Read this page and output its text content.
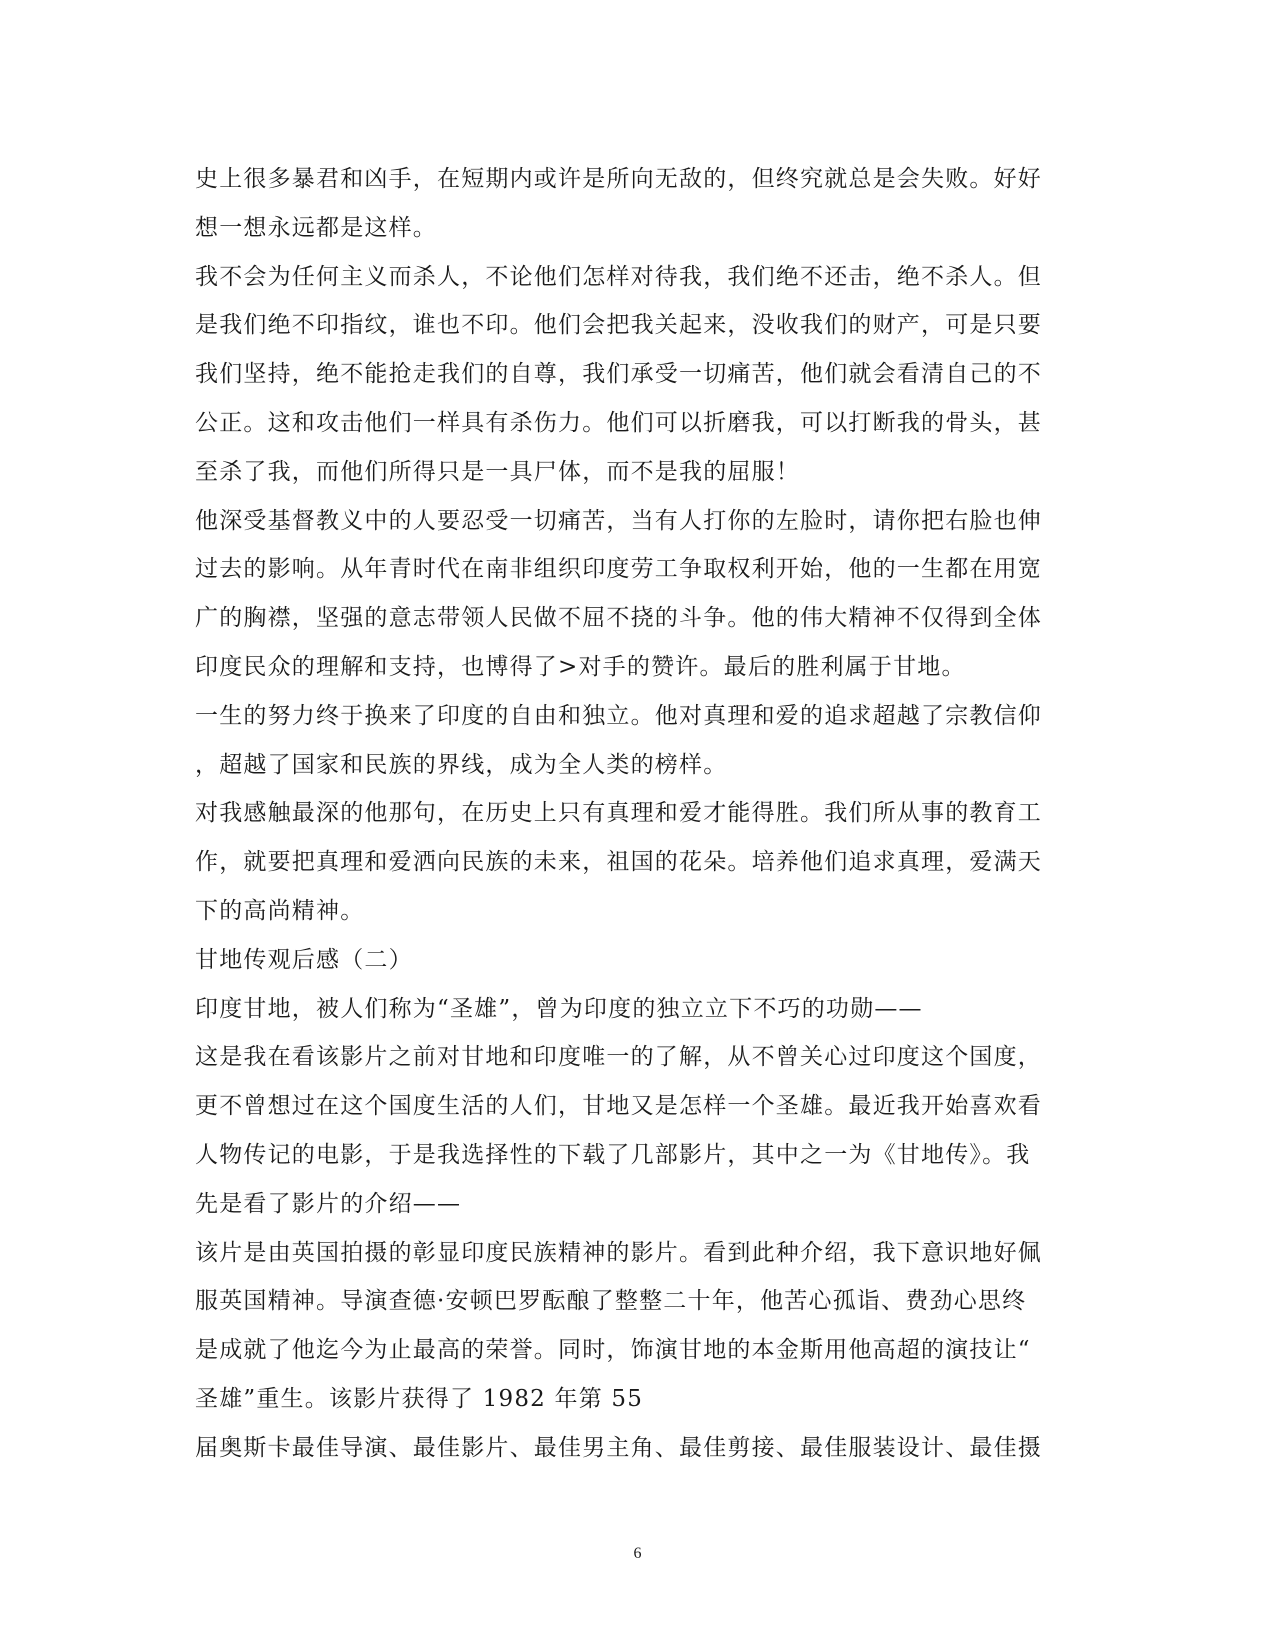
史上很多暴君和凶手，在短期内或许是所向无敌的，但终究就总是会失败。好好
想一想永远都是这样。
我不会为任何主义而杀人，不论他们怎样对待我，我们绝不还击，绝不杀人。但
是我们绝不印指纹，谁也不印。他们会把我关起来，没收我们的财产，可是只要
我们坚持，绝不能抢走我们的自尊，我们承受一切痛苦，他们就会看清自己的不
公正。这和攻击他们一样具有杀伤力。他们可以折磨我，可以打断我的骨头，甚
至杀了我，而他们所得只是一具尸体，而不是我的屈服！
他深受基督教义中的人要忍受一切痛苦，当有人打你的左脸时，请你把右脸也伸
过去的影响。从年青时代在南非组织印度劳工争取权利开始，他的一生都在用宽
广的胸襟，坚强的意志带领人民做不屈不挠的斗争。他的伟大精神不仅得到全体
印度民众的理解和支持，也博得了>对手的赞许。最后的胜利属于甘地。
一生的努力终于换来了印度的自由和独立。他对真理和爱的追求超越了宗教信仰
，超越了国家和民族的界线，成为全人类的榜样。
对我感触最深的他那句，在历史上只有真理和爱才能得胜。我们所从事的教育工
作，就要把真理和爱洒向民族的未来，祖国的花朵。培养他们追求真理，爱满天
下的高尚精神。
甘地传观后感（二）
印度甘地，被人们称为“圣雄”，曾为印度的独立立下不巧的功勋——
这是我在看该影片之前对甘地和印度唯一的了解，从不曾关心过印度这个国度，
更不曾想过在这个国度生活的人们，甘地又是怎样一个圣雄。最近我开始喜欢看
人物传记的电影，于是我选择性的下载了几部影片，其中之一为《甘地传》。我
先是看了影片的介绍——
该片是由英国拍摄的彰显印度民族精神的影片。看到此种介绍，我下意识地好佩
服英国精神。导演查德·安顿巴罗酝酿了整整二十年，他苦心孤诣、费劲心思终
是成就了他迄今为止最高的荣誉。同时，饰演甘地的本金斯用他高超的演技让“
圣雄”重生。该影片获得了 1982 年第 55
届奥斯卡最佳导演、最佳影片、最佳男主角、最佳剪接、最佳服装设计、最佳摄
6
